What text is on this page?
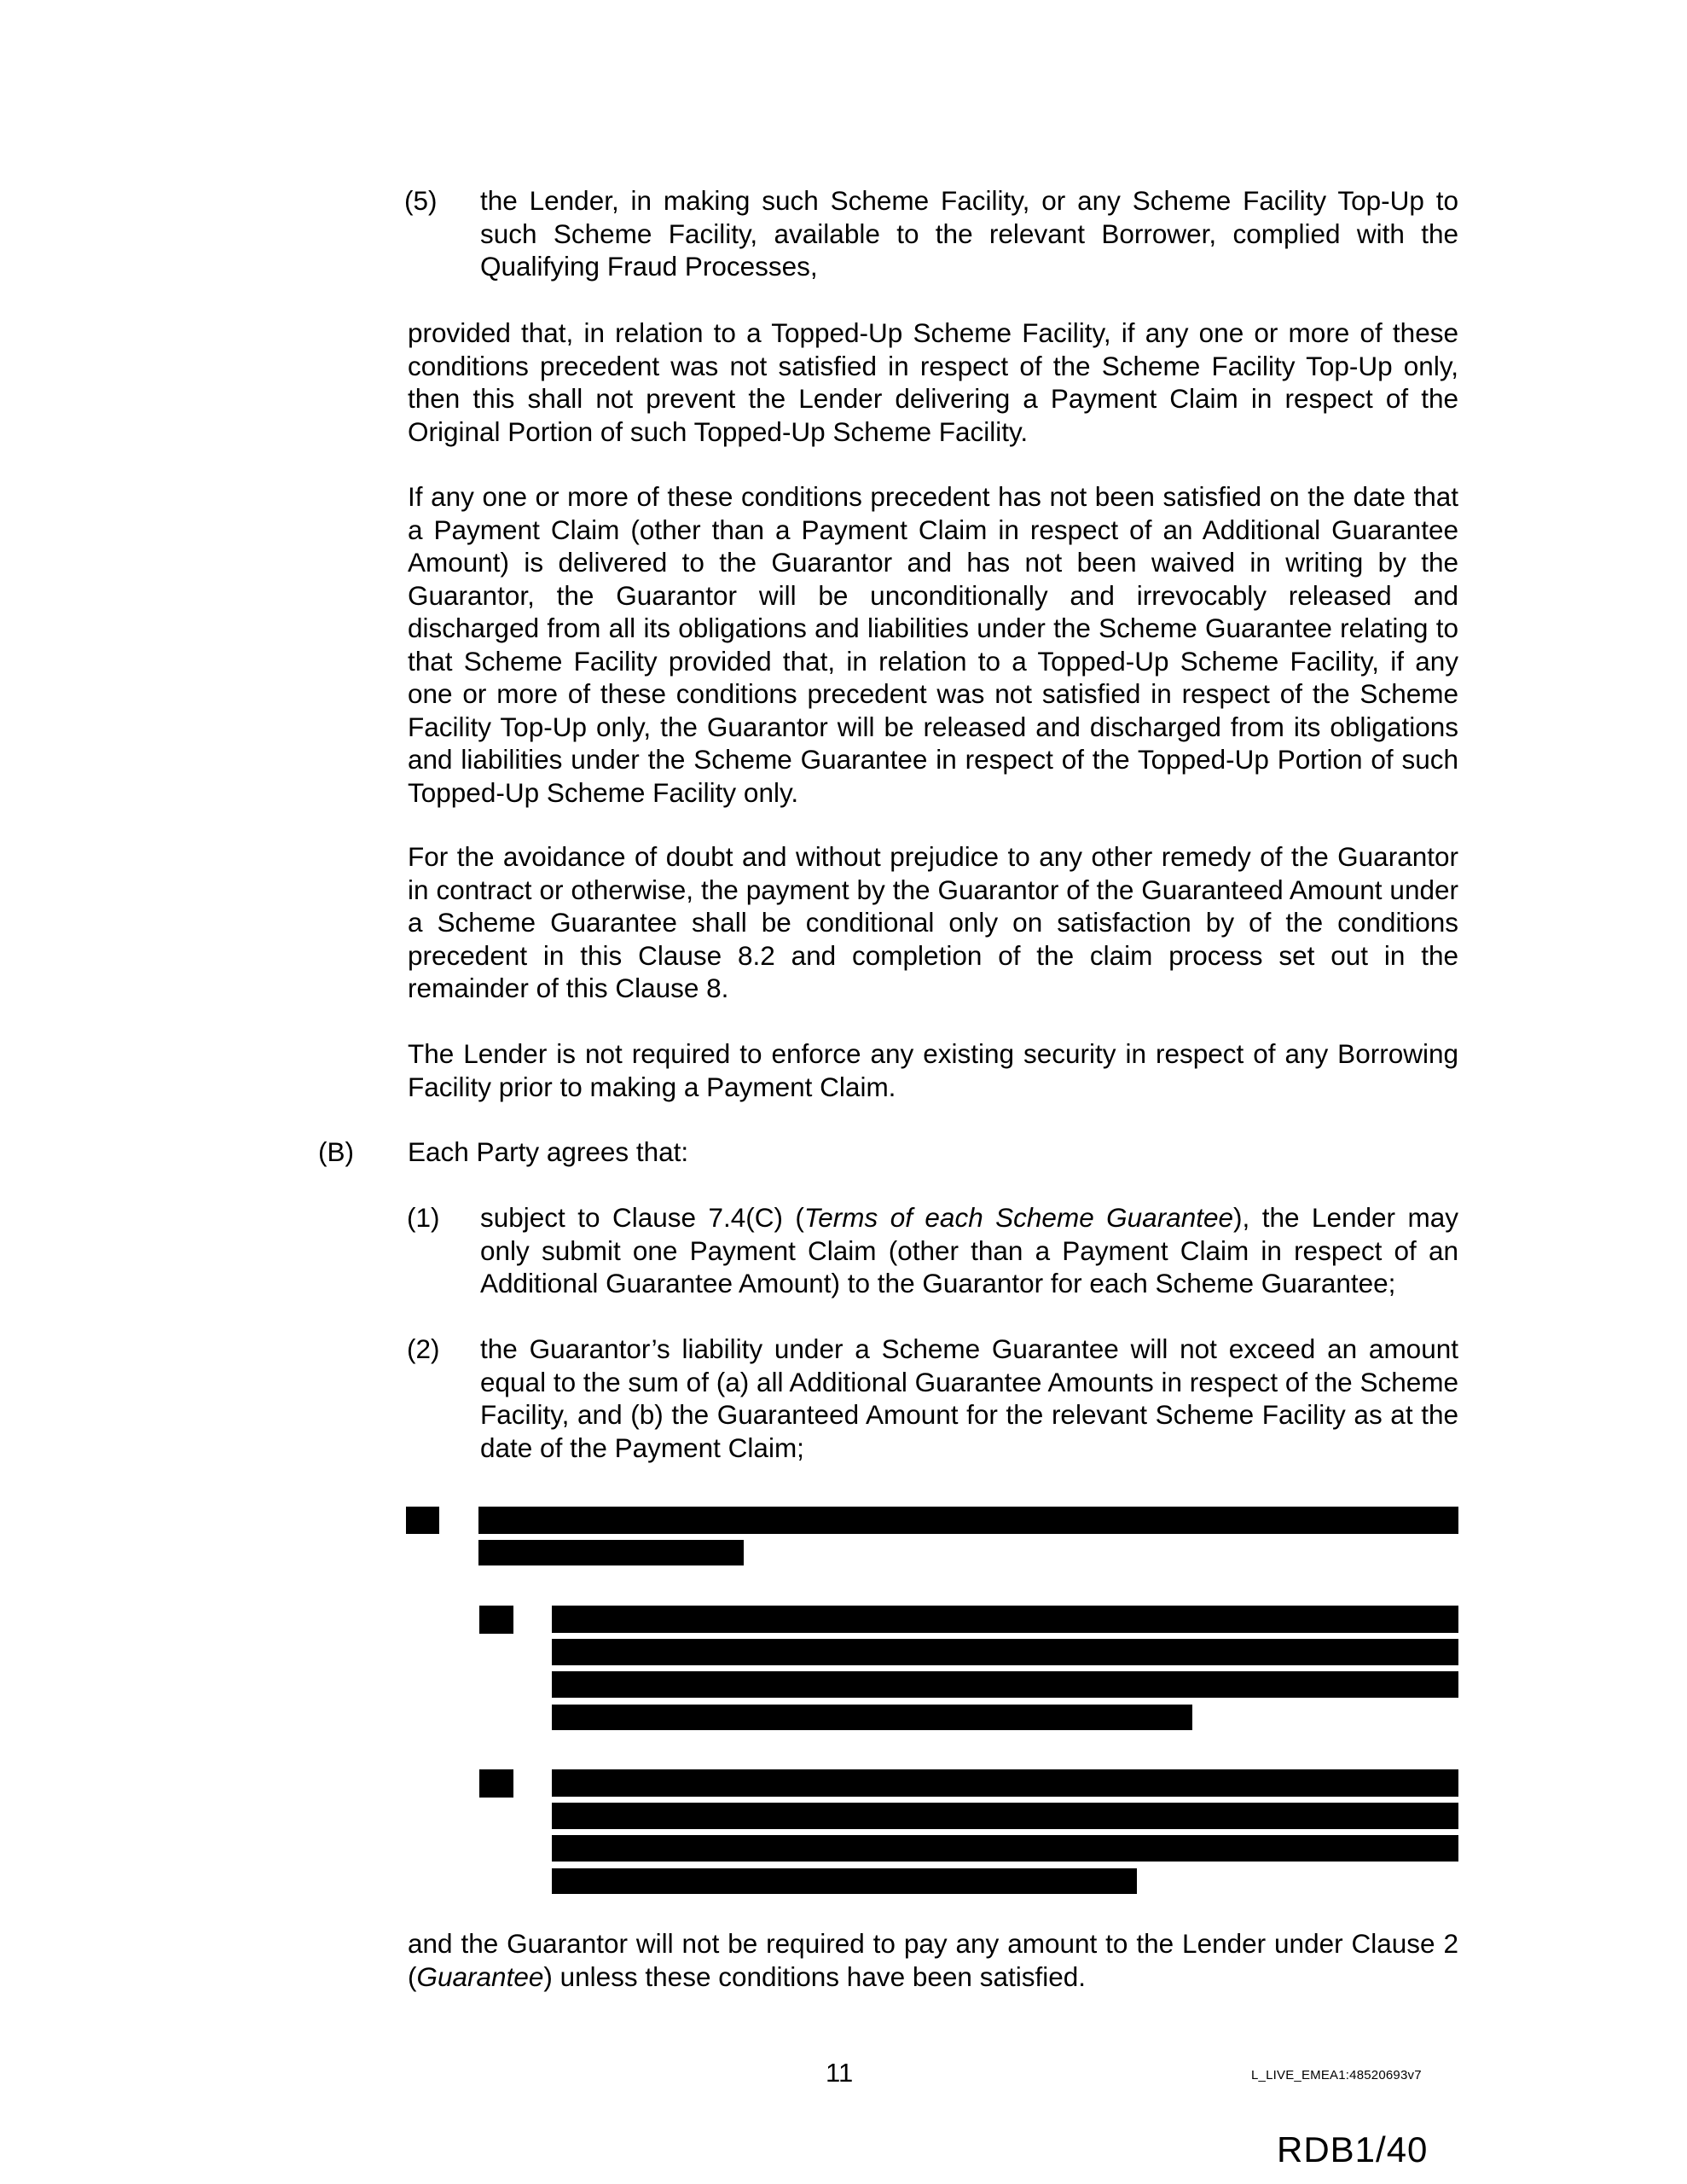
(5) the Lender, in making such Scheme Facility, or any Scheme Facility Top-Up to such Scheme Facility, available to the relevant Borrower, complied with the Qualifying Fraud Processes,
provided that, in relation to a Topped-Up Scheme Facility, if any one or more of these conditions precedent was not satisfied in respect of the Scheme Facility Top-Up only, then this shall not prevent the Lender delivering a Payment Claim in respect of the Original Portion of such Topped-Up Scheme Facility.
If any one or more of these conditions precedent has not been satisfied on the date that a Payment Claim (other than a Payment Claim in respect of an Additional Guarantee Amount) is delivered to the Guarantor and has not been waived in writing by the Guarantor, the Guarantor will be unconditionally and irrevocably released and discharged from all its obligations and liabilities under the Scheme Guarantee relating to that Scheme Facility provided that, in relation to a Topped-Up Scheme Facility, if any one or more of these conditions precedent was not satisfied in respect of the Scheme Facility Top-Up only, the Guarantor will be released and discharged from its obligations and liabilities under the Scheme Guarantee in respect of the Topped-Up Portion of such Topped-Up Scheme Facility only.
For the avoidance of doubt and without prejudice to any other remedy of the Guarantor in contract or otherwise, the payment by the Guarantor of the Guaranteed Amount under a Scheme Guarantee shall be conditional only on satisfaction by of the conditions precedent in this Clause 8.2 and completion of the claim process set out in the remainder of this Clause 8.
The Lender is not required to enforce any existing security in respect of any Borrowing Facility prior to making a Payment Claim.
(B) Each Party agrees that:
(1) subject to Clause 7.4(C) (Terms of each Scheme Guarantee), the Lender may only submit one Payment Claim (other than a Payment Claim in respect of an Additional Guarantee Amount) to the Guarantor for each Scheme Guarantee;
(2) the Guarantor’s liability under a Scheme Guarantee will not exceed an amount equal to the sum of (a) all Additional Guarantee Amounts in respect of the Scheme Facility, and (b) the Guaranteed Amount for the relevant Scheme Facility as at the date of the Payment Claim;
and the Guarantor will not be required to pay any amount to the Lender under Clause 2 (Guarantee) unless these conditions have been satisfied.
11	L_LIVE_EMEA1:48520693v7
RDB1/40
